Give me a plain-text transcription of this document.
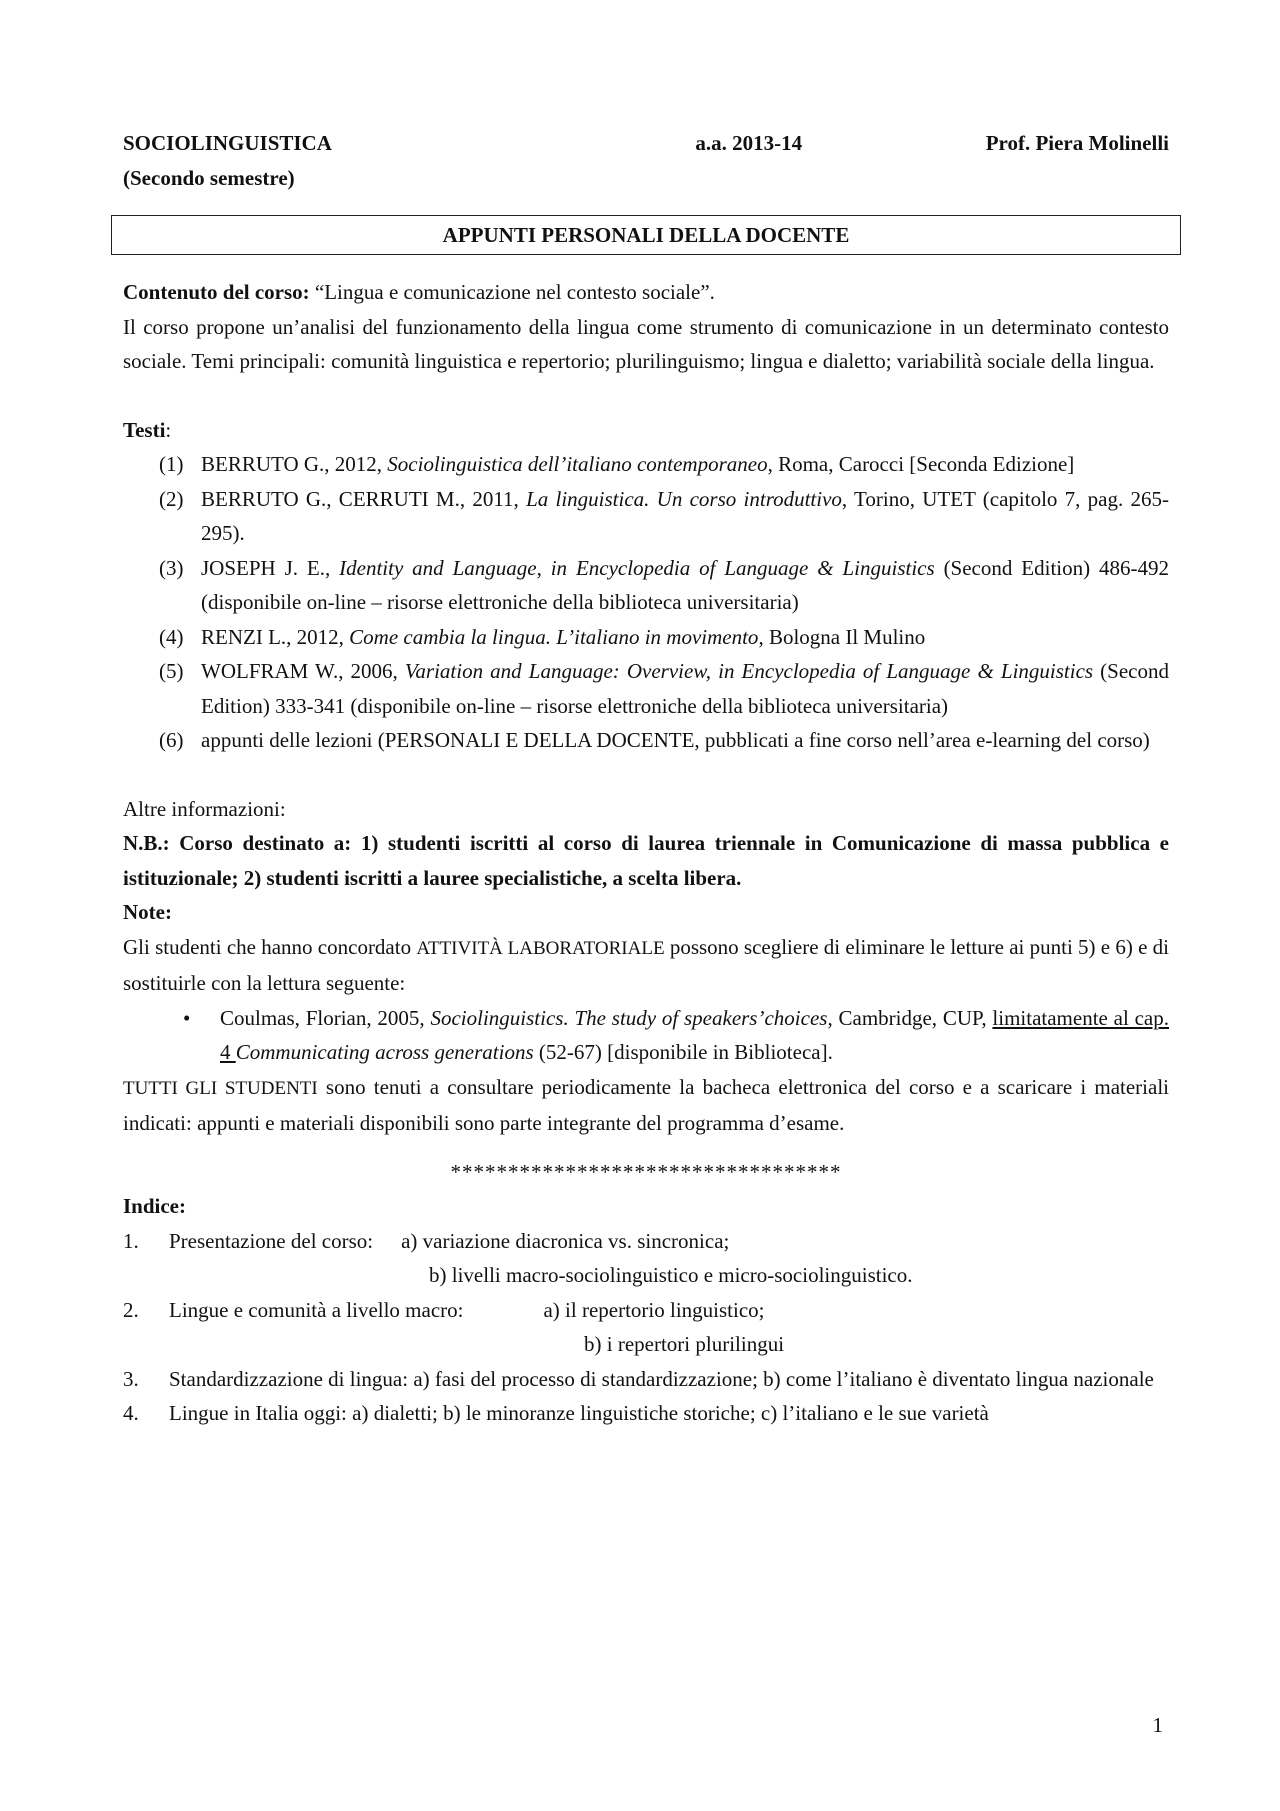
SOCIOLINGUISTICA	a.a. 2013-14	Prof. Piera Molinelli
(Secondo semestre)
APPUNTI PERSONALI DELLA DOCENTE
Contenuto del corso: “Lingua e comunicazione nel contesto sociale”.
Il corso propone un’analisi del funzionamento della lingua come strumento di comunicazione in un determinato contesto sociale. Temi principali: comunità linguistica e repertorio; plurilinguismo; lingua e dialetto; variabilità sociale della lingua.
Testi:
(1) BERRUTO G., 2012, Sociolinguistica dell’italiano contemporaneo, Roma, Carocci [Seconda Edizione]
(2) BERRUTO G., CERRUTI M., 2011, La linguistica. Un corso introduttivo, Torino, UTET (capitolo 7, pag. 265-295).
(3) JOSEPH J. E., Identity and Language, in Encyclopedia of Language & Linguistics (Second Edition) 486-492 (disponibile on-line – risorse elettroniche della biblioteca universitaria)
(4) RENZI L., 2012, Come cambia la lingua. L’italiano in movimento, Bologna Il Mulino
(5) WOLFRAM W., 2006, Variation and Language: Overview, in Encyclopedia of Language & Linguistics (Second Edition) 333-341 (disponibile on-line – risorse elettroniche della biblioteca universitaria)
(6) appunti delle lezioni (PERSONALI E DELLA DOCENTE, pubblicati a fine corso nell’area e-learning del corso)
Altre informazioni:
N.B.: Corso destinato a: 1) studenti iscritti al corso di laurea triennale in Comunicazione di massa pubblica e istituzionale; 2) studenti iscritti a lauree specialistiche, a scelta libera.
Note:
Gli studenti che hanno concordato ATTIVITÀ LABORATORIALE possono scegliere di eliminare le letture ai punti 5) e 6) e di sostituirle con la lettura seguente:
• Coulmas, Florian, 2005, Sociolinguistics. The study of speakers’choices, Cambridge, CUP, limitatamente al cap. 4 Communicating across generations (52-67) [disponibile in Biblioteca].
TUTTI GLI STUDENTI sono tenuti a consultare periodicamente la bacheca elettronica del corso e a scaricare i materiali indicati: appunti e materiali disponibili sono parte integrante del programma d’esame.
**********************************
Indice:
1.	Presentazione del corso: a) variazione diacronica vs. sincronica;
b) livelli macro-sociolinguistico e micro-sociolinguistico.
2.	Lingue e comunità a livello macro:	a) il repertorio linguistico;
b) i repertori plurilingui
3.	Standardizzazione di lingua: a) fasi del processo di standardizzazione; b) come l’italiano è diventato lingua nazionale
4.	Lingue in Italia oggi: a) dialetti; b) le minoranze linguistiche storiche; c) l’italiano e le sue varietà
1
